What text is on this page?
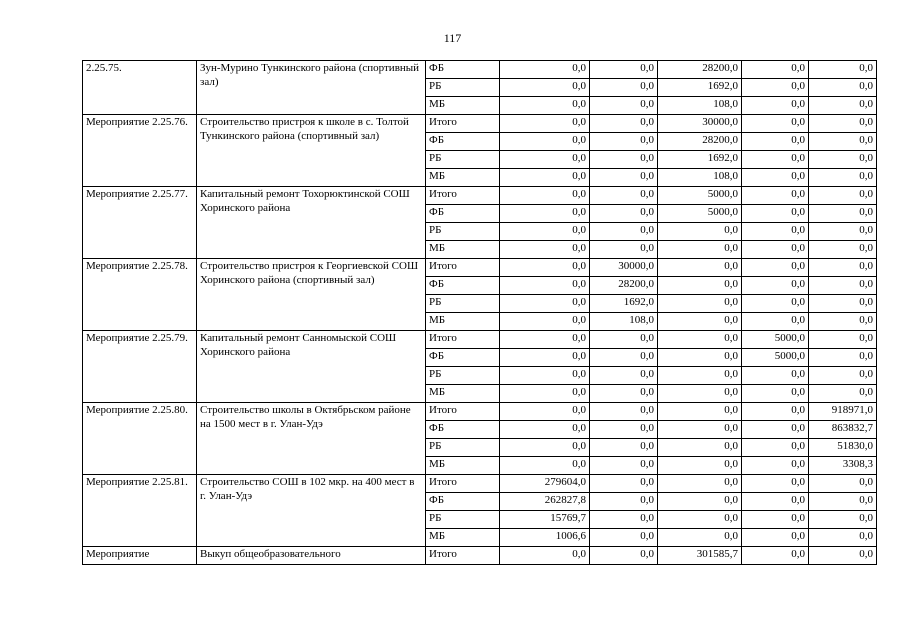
117
2.25.75.	Зун-Мурино Тункинского района (спортивный зал)	ФБ	0,0	0,0	28200,0	0,0	0,0
		РБ	0,0	0,0	1692,0	0,0	0,0
		МБ	0,0	0,0	108,0	0,0	0,0
Мероприятие 2.25.76.	Строительство пристроя к школе в с. Толтой Тункинского района (спортивный зал)	Итого	0,0	0,0	30000,0	0,0	0,0
		ФБ	0,0	0,0	28200,0	0,0	0,0
		РБ	0,0	0,0	1692,0	0,0	0,0
		МБ	0,0	0,0	108,0	0,0	0,0
Мероприятие 2.25.77.	Капитальный ремонт Тохорюктинской СОШ Хоринского района	Итого	0,0	0,0	5000,0	0,0	0,0
		ФБ	0,0	0,0	5000,0	0,0	0,0
		РБ	0,0	0,0	0,0	0,0	0,0
		МБ	0,0	0,0	0,0	0,0	0,0
Мероприятие 2.25.78.	Строительство пристроя к Георгиевской СОШ Хоринского района (спортивный зал)	Итого	0,0	30000,0	0,0	0,0	0,0
		ФБ	0,0	28200,0	0,0	0,0	0,0
		РБ	0,0	1692,0	0,0	0,0	0,0
		МБ	0,0	108,0	0,0	0,0	0,0
Мероприятие 2.25.79.	Капитальный ремонт Санномыской СОШ Хоринского района	Итого	0,0	0,0	0,0	5000,0	0,0
		ФБ	0,0	0,0	0,0	5000,0	0,0
		РБ	0,0	0,0	0,0	0,0	0,0
		МБ	0,0	0,0	0,0	0,0	0,0
Мероприятие 2.25.80.	Строительство школы в Октябрьском районе на 1500 мест в г. Улан-Удэ	Итого	0,0	0,0	0,0	0,0	918971,0
		ФБ	0,0	0,0	0,0	0,0	863832,7
		РБ	0,0	0,0	0,0	0,0	51830,0
		МБ	0,0	0,0	0,0	0,0	3308,3
Мероприятие 2.25.81.	Строительство СОШ в 102 мкр. на 400 мест в г. Улан-Удэ	Итого	279604,0	0,0	0,0	0,0	0,0
		ФБ	262827,8	0,0	0,0	0,0	0,0
		РБ	15769,7	0,0	0,0	0,0	0,0
		МБ	1006,6	0,0	0,0	0,0	0,0
Мероприятие	Выкуп общеобразовательного	Итого	0,0	0,0	301585,7	0,0	0,0
